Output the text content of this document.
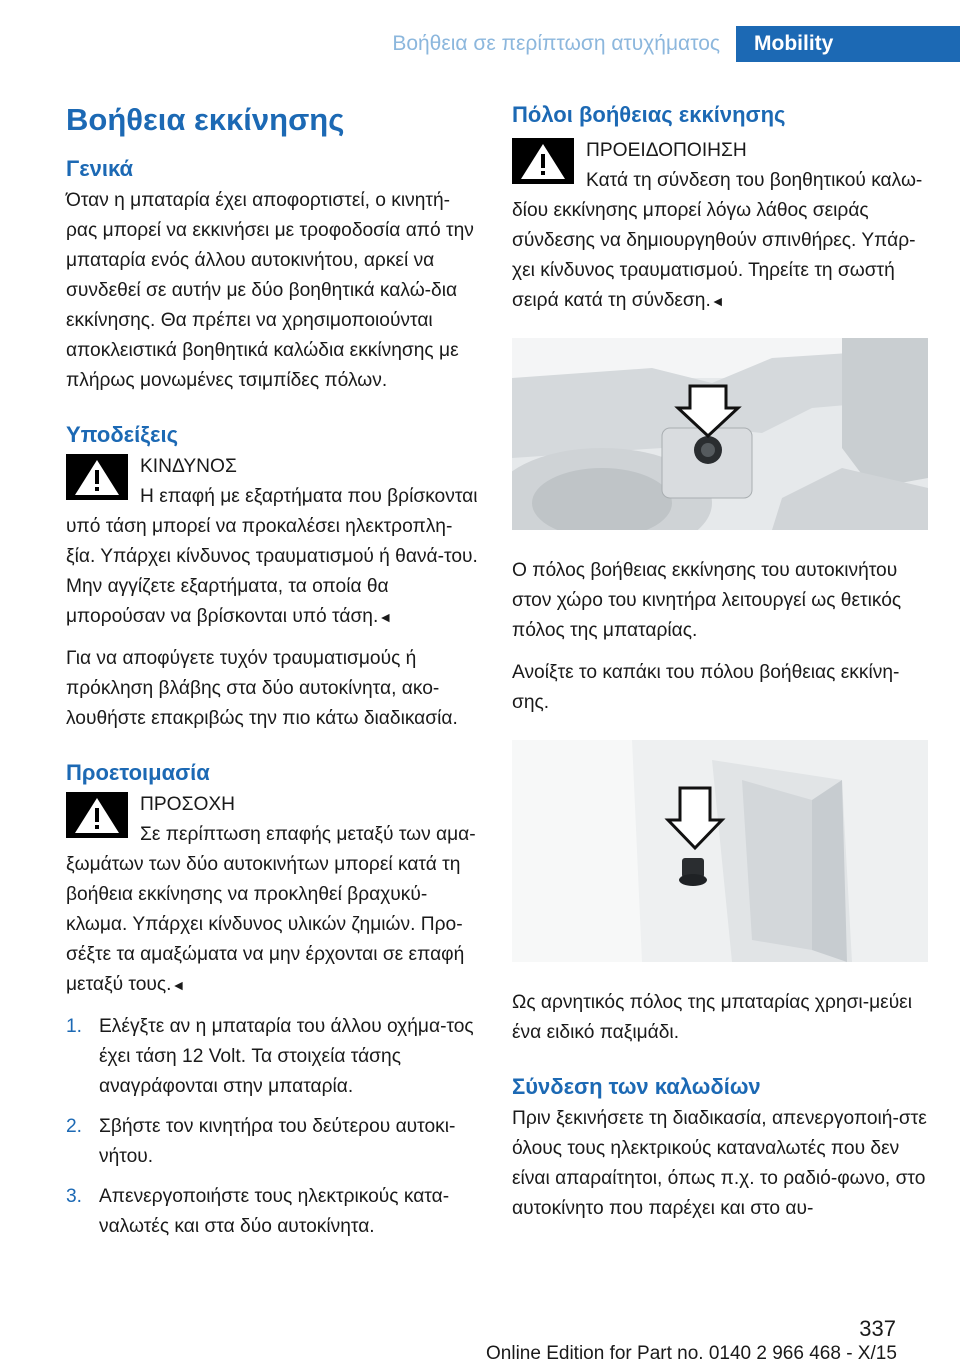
Βοήθεια σε περίπτωση ατυχήματος	Mobility
Βοήθεια εκκίνησης
Γενικά

Όταν η μπαταρία έχει αποφορτιστεί, ο κινητή-ρας μπορεί να εκκινήσει με τροφοδοσία από την μπαταρία ενός άλλου αυτοκινήτου, αρκεί να συνδεθεί σε αυτήν με δύο βοηθητικά καλώ-δια εκκίνησης. Θα πρέπει να χρησιμοποιούνται αποκλειστικά βοηθητικά καλώδια εκκίνησης με πλήρως μονωμένες τσιμπίδες πόλων.

Υποδείξεις
ΚΙΝΔΥΝΟΣ

Η επαφή με εξαρτήματα που βρίσκονται υπό τάση μπορεί να προκαλέσει ηλεκτροπλη-ξία. Υπάρχει κίνδυνος τραυματισμού ή θανά-του. Μην αγγίζετε εξαρτήματα, τα οποία θα μπορούσαν να βρίσκονται υπό τάση.◄

Για να αποφύγετε τυχόν τραυματισμούς ή πρόκληση βλάβης στα δύο αυτοκίνητα, ακο-λουθήστε επακριβώς την πιο κάτω διαδικασία.

Προετοιμασία
ΠΡΟΣΟΧΗ

Σε περίπτωση επαφής μεταξύ των αμα-ξωμάτων των δύο αυτοκινήτων μπορεί κατά τη βοήθεια εκκίνησης να προκληθεί βραχυκύ-κλωμα. Υπάρχει κίνδυνος υλικών ζημιών. Προ-σέξτε τα αμαξώματα να μην έρχονται σε επαφή μεταξύ τους.◄

1. Ελέγξτε αν η μπαταρία του άλλου οχήμα-τος έχει τάση 12 Volt. Τα στοιχεία τάσης αναγράφονται στην μπαταρία.
2. Σβήστε τον κινητήρα του δεύτερου αυτοκι-νήτου.
3. Απενεργοποιήστε τους ηλεκτρικούς κατα-ναλωτές και στα δύο αυτοκίνητα.
Πόλοι βοήθειας εκκίνησης
ΠΡΟΕΙΔΟΠΟΙΗΣΗ

Κατά τη σύνδεση του βοηθητικού καλω-δίου εκκίνησης μπορεί λόγω λάθος σειράς σύνδεσης να δημιουργηθούν σπινθήρες. Υπάρ-χει κίνδυνος τραυματισμού. Τηρείτε τη σωστή σειρά κατά τη σύνδεση.◄

Ο πόλος βοήθειας εκκίνησης του αυτοκινήτου στον χώρο του κινητήρα λειτουργεί ως θετικός πόλος της μπαταρίας.

Ανοίξτε το καπάκι του πόλου βοήθειας εκκίνη-σης.

Ως αρνητικός πόλος της μπαταρίας χρησι-μεύει ένα ειδικό παξιμάδι.

Σύνδεση των καλωδίων

Πριν ξεκινήσετε τη διαδικασία, απενεργοποιή-στε όλους τους ηλεκτρικούς καταναλωτές που δεν είναι απαραίτητοι, όπως π.χ. το ραδιό-φωνο, στο αυτοκίνητο που παρέχει και στο αυ-

337
Online Edition for Part no. 0140 2 966 468 - X/15
